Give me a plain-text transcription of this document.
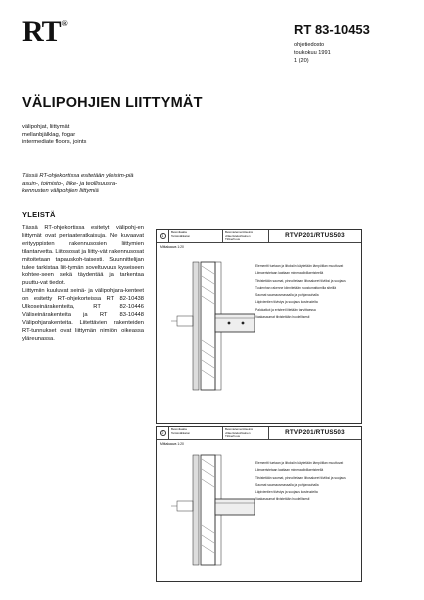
RT®	RT 83-10453
ohjetiedosto
toukokuu 1991
1 (20)
VÄLIPOHJIEN LIITTYMÄT
välipohjat, liittymät
mellanbjälklag, fogar
intermediate floors, joints
Tässä RT-ohjekortissa esitetään yleisim-piä asuin-, toimisto-, liike- ja teollisuusra-kennusten välipohjien liittymiä
YLEISTÄ

Tässä RT-ohjekortissa esitetyt välipohj-en liittymät ovat periaateratkaisuja. Ne kuvaavat erityyppisten rakennusosien liittymien tilantarvetta. Liitososat ja liitty-vät rakennusosat mitoitetaan tapauskoh-taisesti. Suunnittelijan tulee tarkistaa liit-tymän soveltuvuus kyseiseen kohtee-seen sekä täydentää ja tarkentaa puuttu-vat tiedot.

Liittymiin kuuluvat seinä- ja välipohjara-kenteet on esitetty RT-ohjekorteissa RT 82-10438 Ulkoseinärakenteita, RT 82-10446 Väliseinärakenteita ja RT 83-10448 Välipohjarakenteita. Liitettävien rakenteiden RT-tunnukset ovat liittymän nimiön oikeassa yläreunassa.

1
Betonilaatta
Teräsvälikaton
Betonielementtiseinä
villaeristekohtainen
Tiiliverhous	RTVP201/RTUS503
Mittakaava 1:20
Elementti tuetaan ja liitoksiin käytetään lämpötilan muuttuvat
Liimaeristetaan laattaan mineraalivillaeristeellä
Tiivistetään saumat, pinnoitetaan liitosalueet tiiviiksi ja suojaus
Tuulenhan rakenne kiinnitetään ruostumattomilla siteillä
Saumat saumausmassalla ja pohjanauhalla
Läpivientien tiivistys ja suojaus kosteudelta
Palokatkot ja eristeet liitetään tarvittaessa
Vaakasaumat tiivistetään huolellisesti
2
Betonilaatta
Teräsvälikaton
Betonielementtiseinä
villaeristekohtainen
Tiiliverhous	RTVP201/RTUS503
Mittakaava 1:20
Elementti tuetaan ja liitoksiin käytetään lämpötilan muuttuvat
Liimaeristetaan laattaan mineraalivillaeristeellä
Tiivistetään saumat, pinnoitetaan liitosalueet tiiviiksi ja suojaus
Saumat saumausmassalla ja pohjanauhalla
Läpivientien tiivistys ja suojaus kosteudelta
Vaakasaumat tiivistetään huolellisesti
